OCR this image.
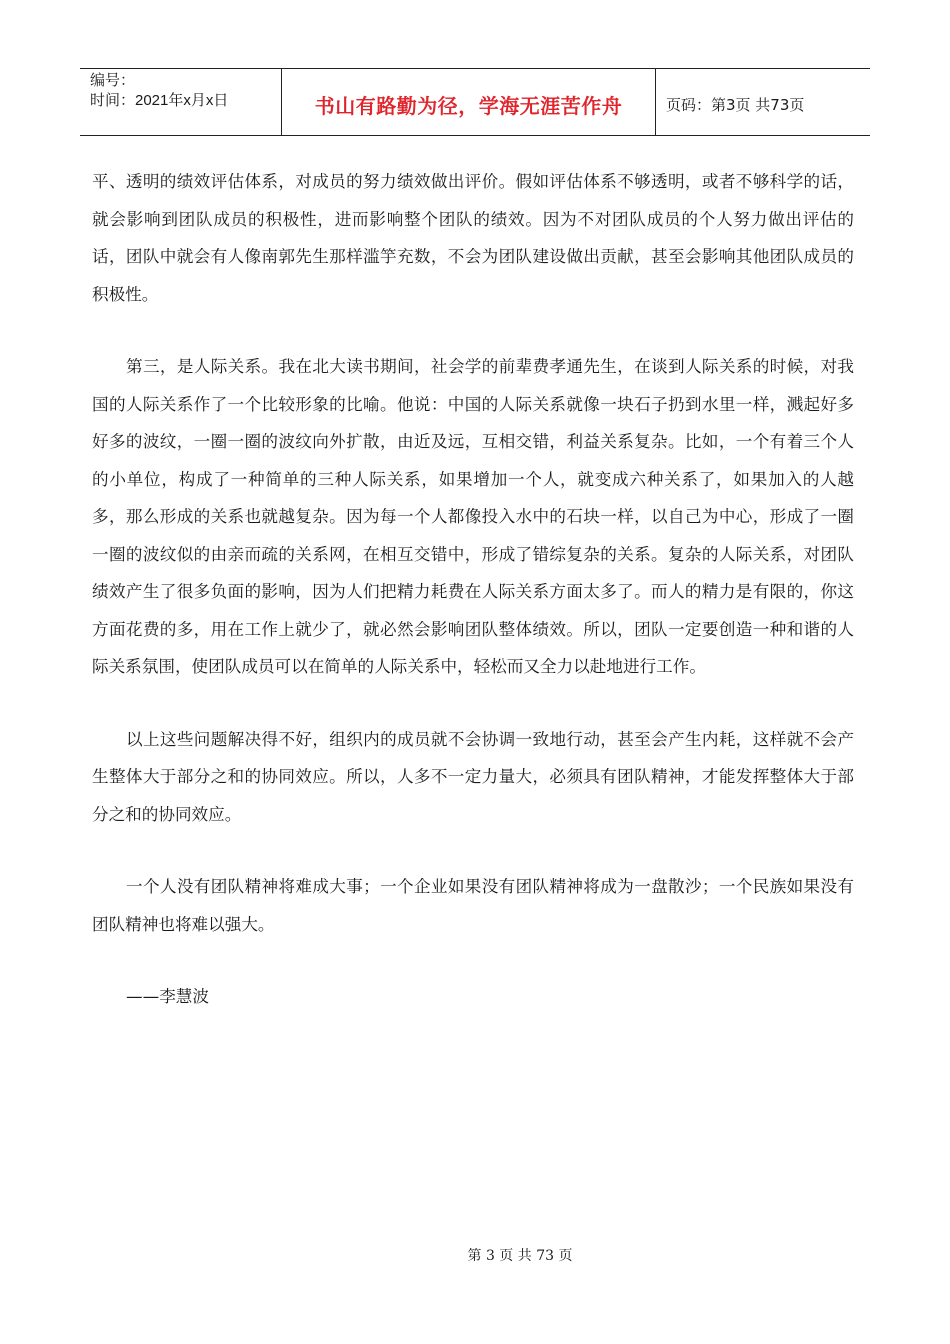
编号：
时间：2021年x月x日	书山有路勤为径，学海无涯苦作舟	页码：第3页 共73页

平、透明的绩效评估体系，对成员的努力绩效做出评价。假如评估体系不够透明，或者不够科学的话，就会影响到团队成员的积极性，进而影响整个团队的绩效。因为不对团队成员的个人努力做出评估的话，团队中就会有人像南郭先生那样滥竽充数，不会为团队建设做出贡献，甚至会影响其他团队成员的积极性。

第三，是人际关系。我在北大读书期间，社会学的前辈费孝通先生，在谈到人际关系的时候，对我国的人际关系作了一个比较形象的比喻。他说：中国的人际关系就像一块石子扔到水里一样，溅起好多好多的波纹，一圈一圈的波纹向外扩散，由近及远，互相交错，利益关系复杂。比如，一个有着三个人的小单位，构成了一种简单的三种人际关系，如果增加一个人，就变成六种关系了，如果加入的人越多，那么形成的关系也就越复杂。因为每一个人都像投入水中的石块一样，以自己为中心，形成了一圈一圈的波纹似的由亲而疏的关系网，在相互交错中，形成了错综复杂的关系。复杂的人际关系，对团队绩效产生了很多负面的影响，因为人们把精力耗费在人际关系方面太多了。而人的精力是有限的，你这方面花费的多，用在工作上就少了，就必然会影响团队整体绩效。所以，团队一定要创造一种和谐的人际关系氛围，使团队成员可以在简单的人际关系中，轻松而又全力以赴地进行工作。

以上这些问题解决得不好，组织内的成员就不会协调一致地行动，甚至会产生内耗，这样就不会产生整体大于部分之和的协同效应。所以，人多不一定力量大，必须具有团队精神，才能发挥整体大于部分之和的协同效应。

一个人没有团队精神将难成大事；一个企业如果没有团队精神将成为一盘散沙；一个民族如果没有团队精神也将难以强大。

——李慧波

第 3 页 共 73 页
